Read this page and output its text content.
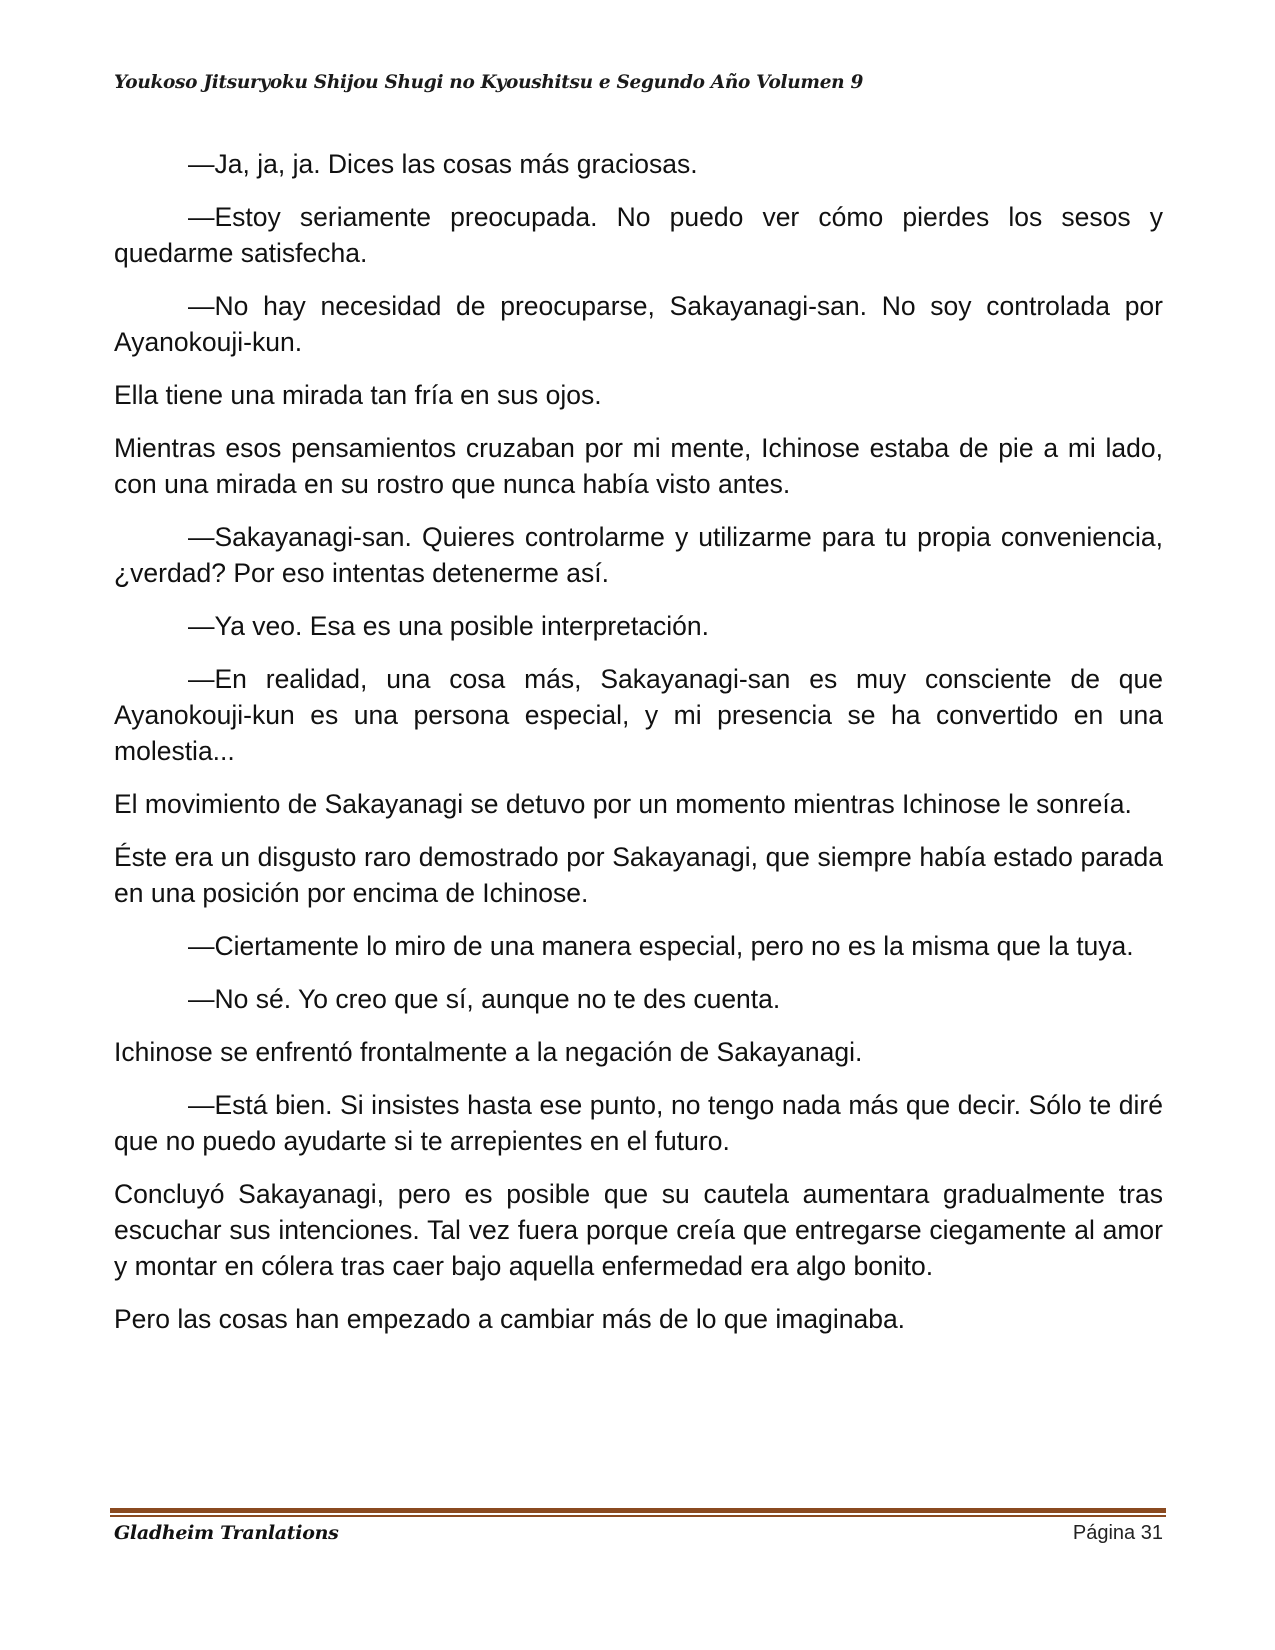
Youkoso Jitsuryoku Shijou Shugi no Kyoushitsu e Segundo Año Volumen 9

—Ja, ja, ja. Dices las cosas más graciosas.

—Estoy seriamente preocupada. No puedo ver cómo pierdes los sesos y quedarme satisfecha.

—No hay necesidad de preocuparse, Sakayanagi-san. No soy controlada por Ayanokouji-kun.

Ella tiene una mirada tan fría en sus ojos.

Mientras esos pensamientos cruzaban por mi mente, Ichinose estaba de pie a mi lado, con una mirada en su rostro que nunca había visto antes.

—Sakayanagi-san. Quieres controlarme y utilizarme para tu propia conveniencia, ¿verdad? Por eso intentas detenerme así.

—Ya veo. Esa es una posible interpretación.

—En realidad, una cosa más, Sakayanagi-san es muy consciente de que Ayanokouji-kun es una persona especial, y mi presencia se ha convertido en una molestia...

El movimiento de Sakayanagi se detuvo por un momento mientras Ichinose le sonreía.

Éste era un disgusto raro demostrado por Sakayanagi, que siempre había estado parada en una posición por encima de Ichinose.

—Ciertamente lo miro de una manera especial, pero no es la misma que la tuya.

—No sé. Yo creo que sí, aunque no te des cuenta.

Ichinose se enfrentó frontalmente a la negación de Sakayanagi.

—Está bien. Si insistes hasta ese punto, no tengo nada más que decir. Sólo te diré que no puedo ayudarte si te arrepientes en el futuro.

Concluyó Sakayanagi, pero es posible que su cautela aumentara gradualmente tras escuchar sus intenciones. Tal vez fuera porque creía que entregarse ciegamente al amor y montar en cólera tras caer bajo aquella enfermedad era algo bonito.

Pero las cosas han empezado a cambiar más de lo que imaginaba.

Gladheim Tranlations	Página 31
